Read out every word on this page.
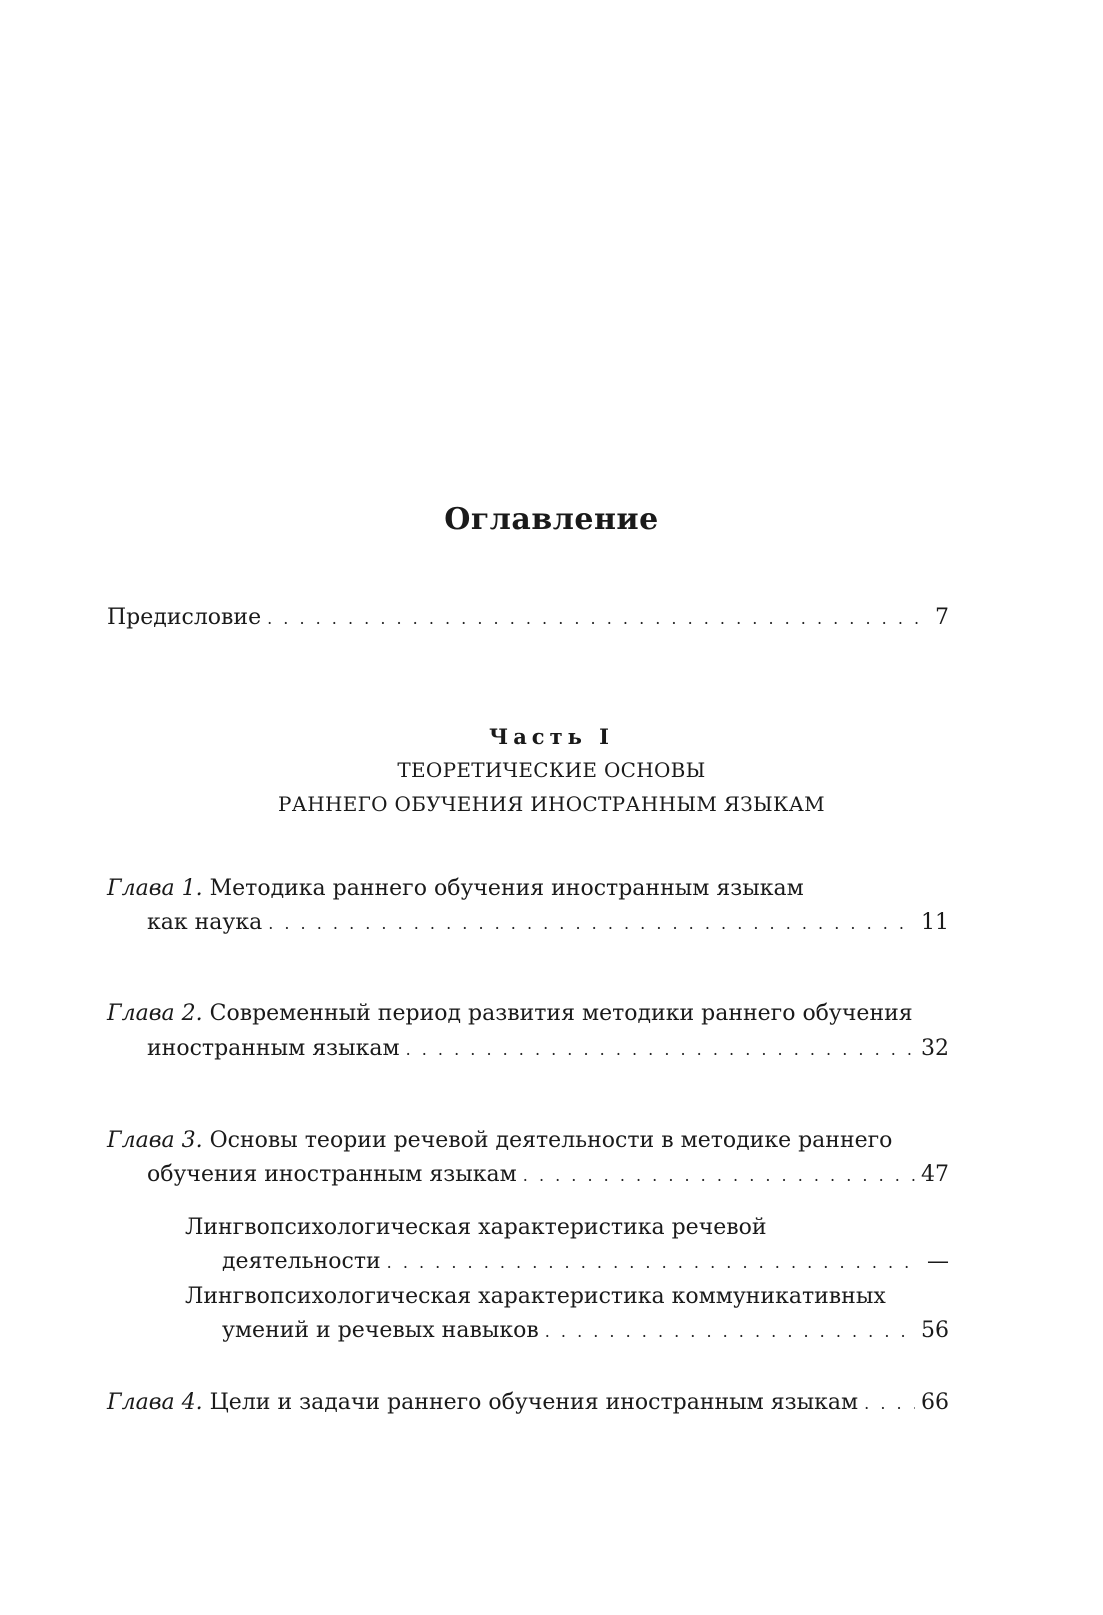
Оглавление
Предисловие . . .	7
Часть I
ТЕОРЕТИЧЕСКИЕ ОСНОВЫ
РАННЕГО ОБУЧЕНИЯ ИНОСТРАННЫМ ЯЗЫКАМ
Глава 1. Методика раннего обучения иностранным языкам
как наука . . .	11
Глава 2. Современный период развития методики раннего обучения
иностранным языкам . . .	32
Глава 3. Основы теории речевой деятельности в методике раннего
обучения иностранным языкам . . .	47
Лингвопсихологическая характеристика речевой
деятельности . . .	—
Лингвопсихологическая характеристика коммуникативных
умений и речевых навыков . . .	56
Глава 4. Цели и задачи раннего обучения иностранным языкам . . .	66
